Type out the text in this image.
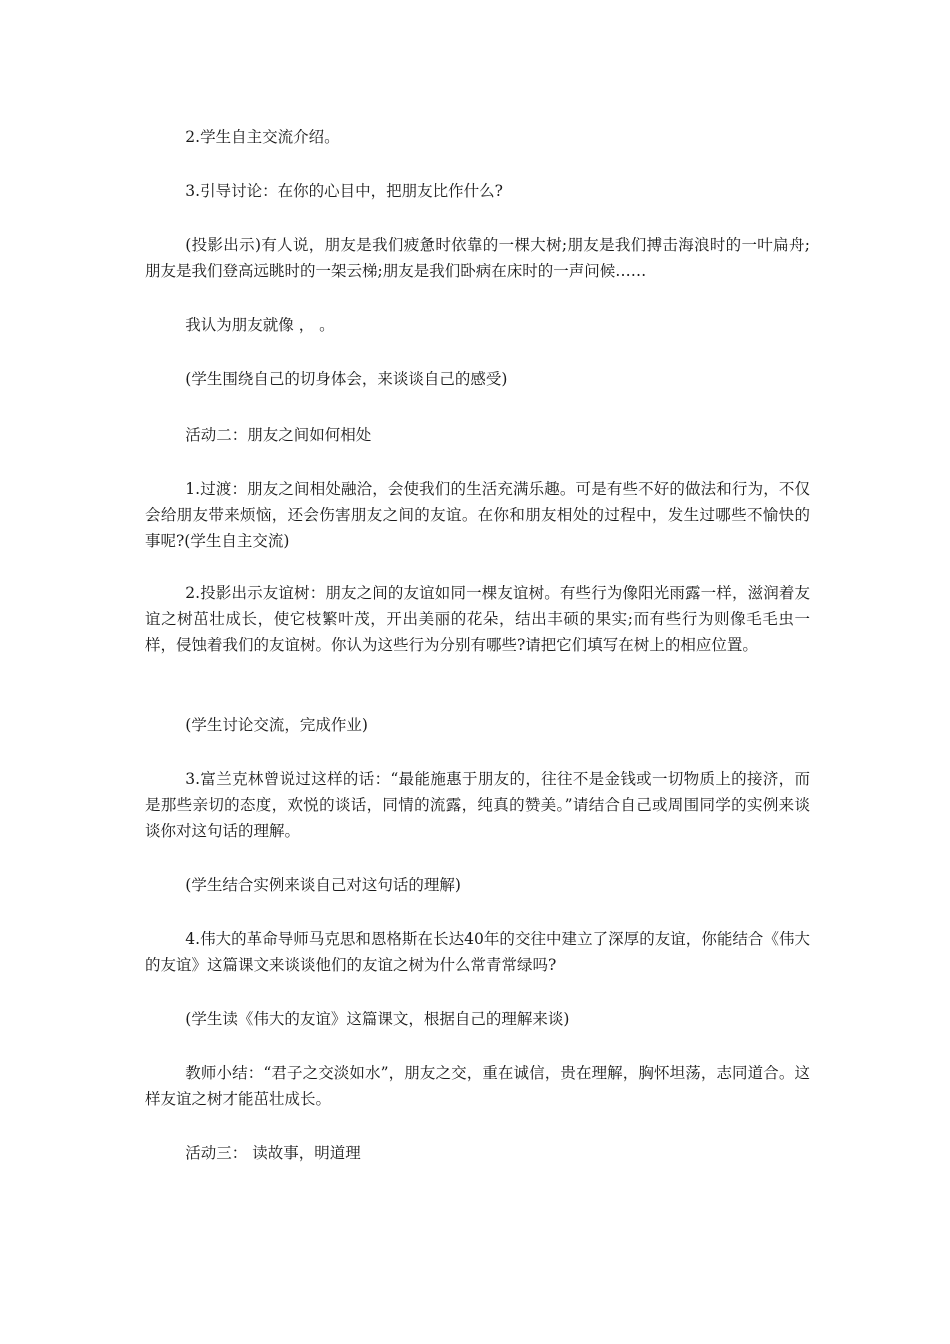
2.学生自主交流介绍。

3.引导讨论：在你的心目中，把朋友比作什么?

(投影出示)有人说，朋友是我们疲惫时依靠的一棵大树;朋友是我们搏击海浪时的一叶扁舟;朋友是我们登高远眺时的一架云梯;朋友是我们卧病在床时的一声问候……

我认为朋友就像 ， 。

(学生围绕自己的切身体会，来谈谈自己的感受)

活动二：朋友之间如何相处

1.过渡：朋友之间相处融洽，会使我们的生活充满乐趣。可是有些不好的做法和行为，不仅会给朋友带来烦恼，还会伤害朋友之间的友谊。在你和朋友相处的过程中，发生过哪些不愉快的事呢?(学生自主交流)

2.投影出示友谊树：朋友之间的友谊如同一棵友谊树。有些行为像阳光雨露一样，滋润着友谊之树茁壮成长，使它枝繁叶茂，开出美丽的花朵，结出丰硕的果实;而有些行为则像毛毛虫一样，侵蚀着我们的友谊树。你认为这些行为分别有哪些?请把它们填写在树上的相应位置。

(学生讨论交流，完成作业)

3.富兰克林曾说过这样的话：“最能施惠于朋友的，往往不是金钱或一切物质上的接济，而是那些亲切的态度，欢悦的谈话，同情的流露，纯真的赞美。”请结合自己或周围同学的实例来谈谈你对这句话的理解。

(学生结合实例来谈自己对这句话的理解)

4.伟大的革命导师马克思和恩格斯在长达40年的交往中建立了深厚的友谊，你能结合《伟大的友谊》这篇课文来谈谈他们的友谊之树为什么常青常绿吗?

(学生读《伟大的友谊》这篇课文，根据自己的理解来谈)

教师小结：“君子之交淡如水”，朋友之交，重在诚信，贵在理解，胸怀坦荡，志同道合。这样友谊之树才能茁壮成长。

活动三： 读故事，明道理
